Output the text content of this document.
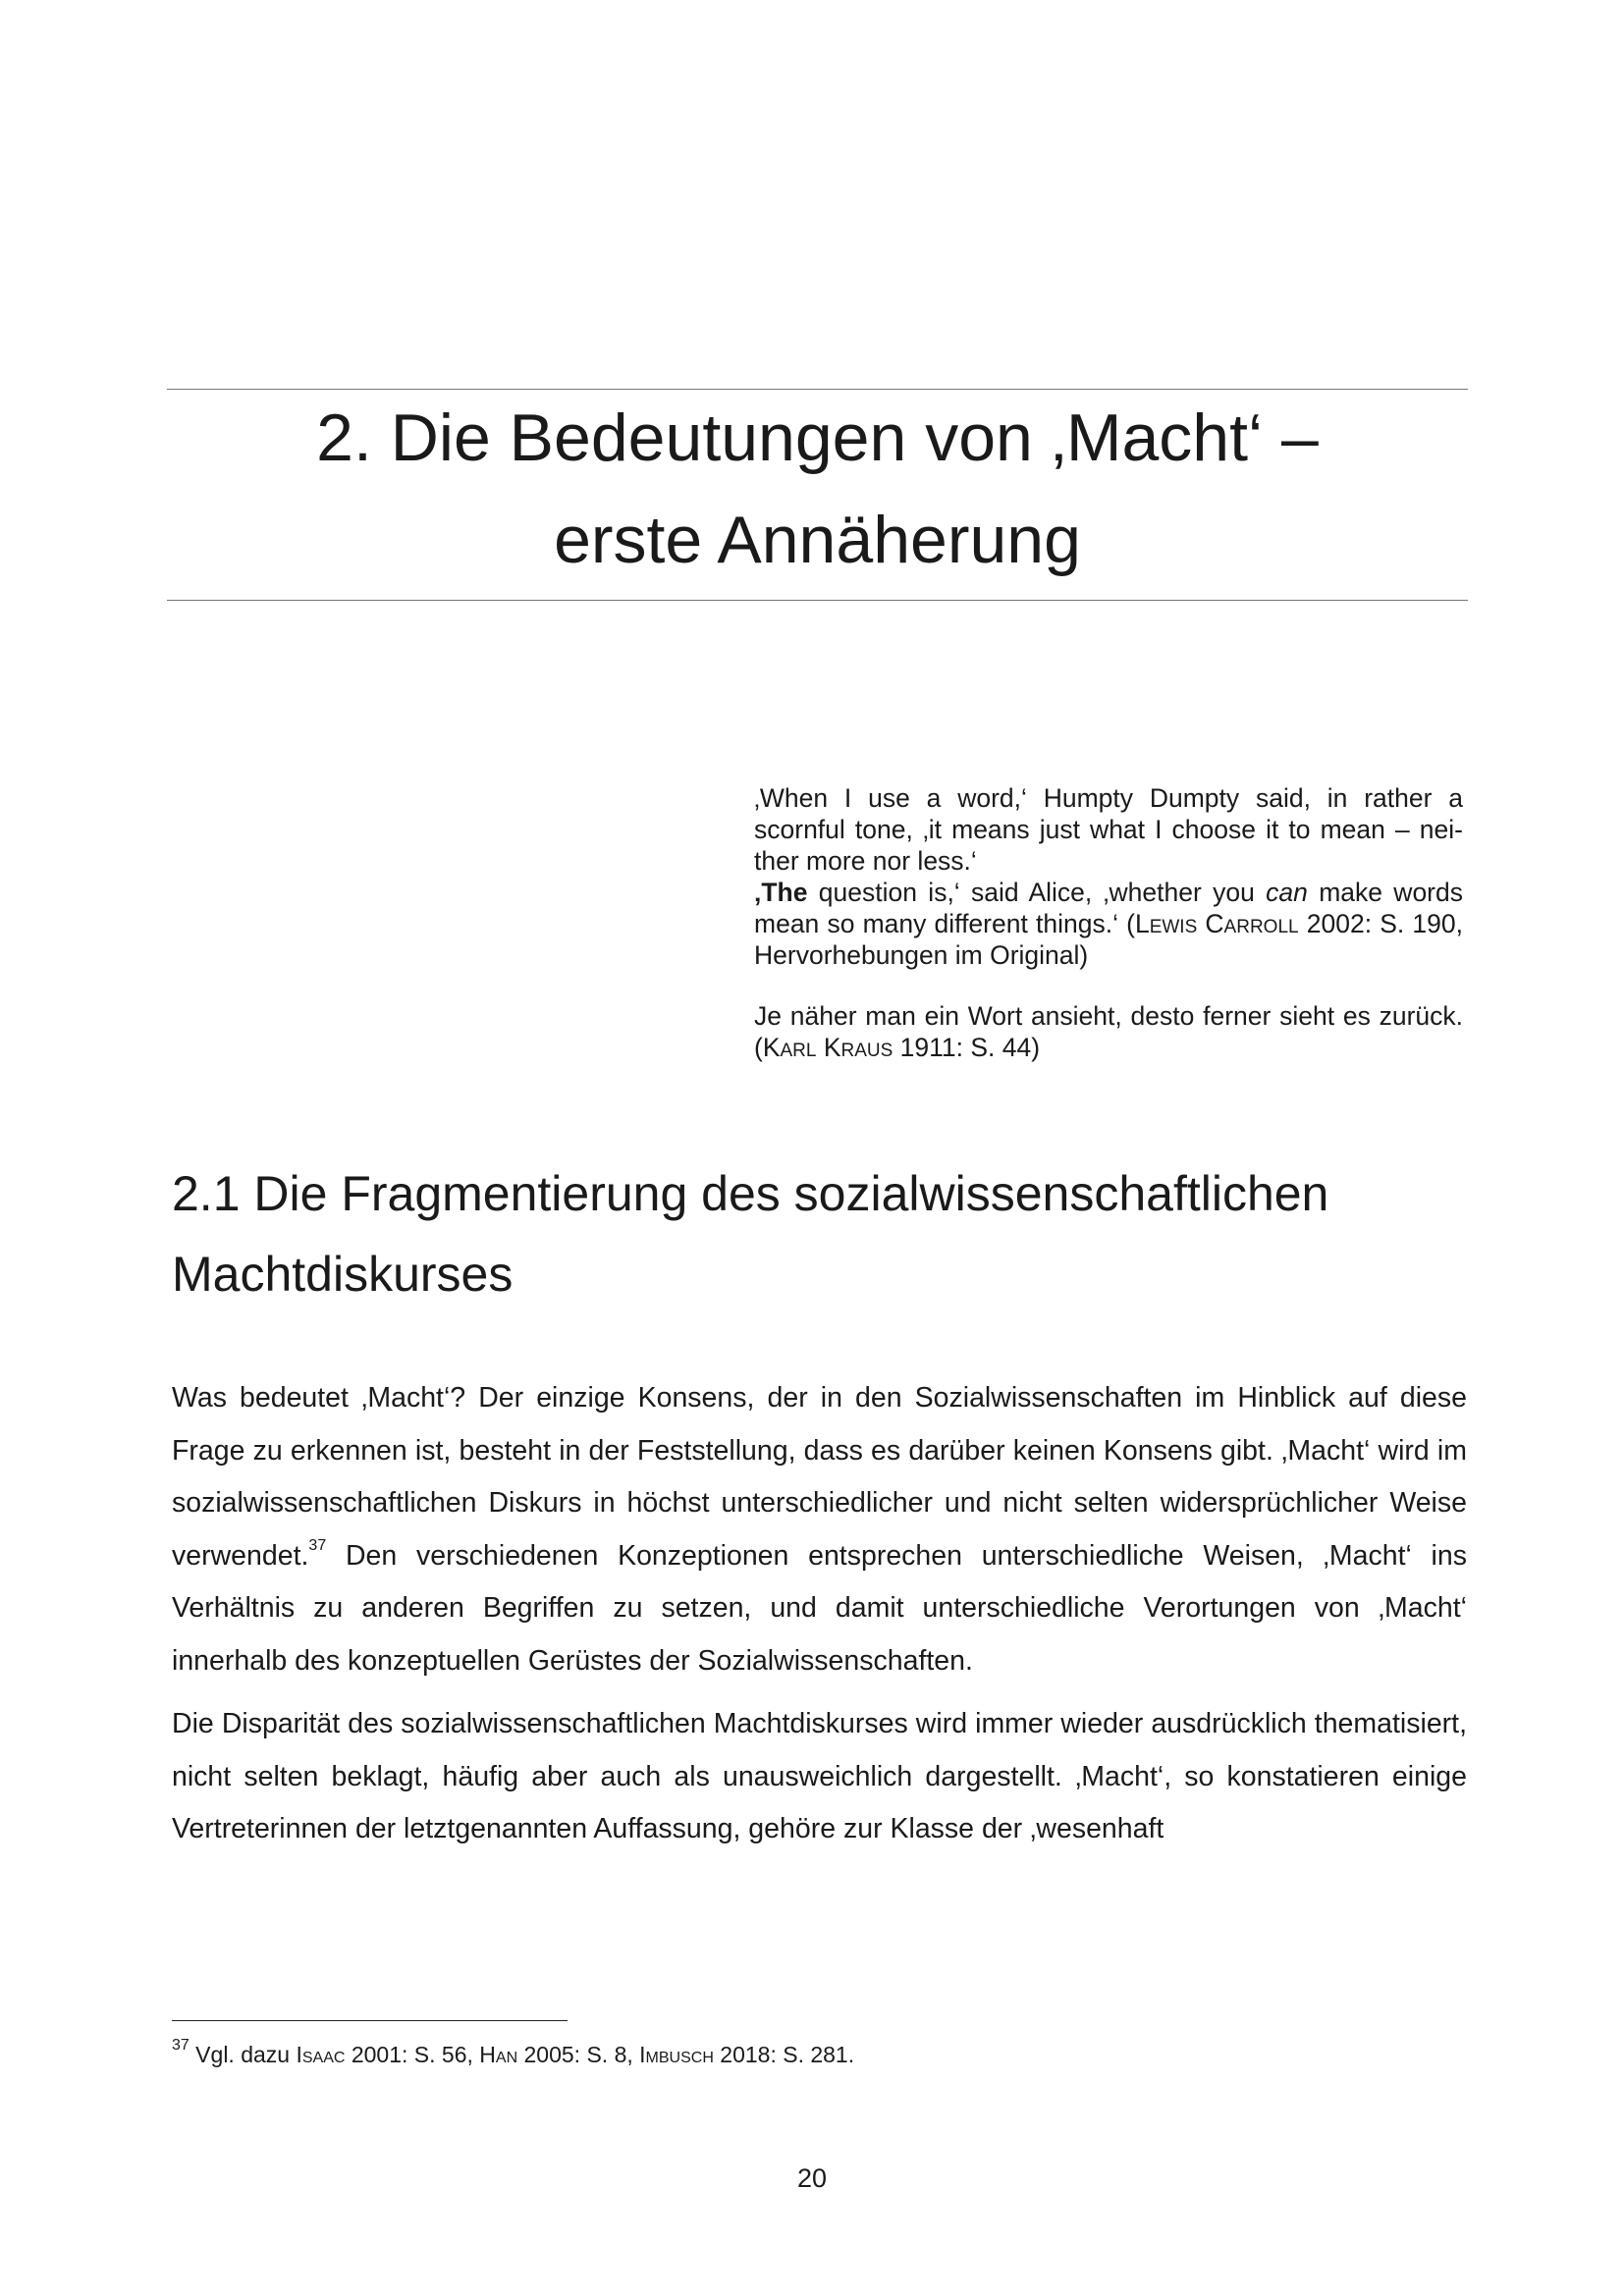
2. Die Bedeutungen von ‚Macht‘ –
erste Annäherung

‚When I use a word,‘ Humpty Dumpty said, in rather a scornful tone, ‚it means just what I choose it to mean – neither more nor less.‘
‚The question is,‘ said Alice, ‚whether you can make words mean so many different things.‘ (Lewis Carroll 2002: S. 190, Hervorhebungen im Original)

Je näher man ein Wort ansieht, desto ferner sieht es zurück. (Karl Kraus 1911: S. 44)

2.1 Die Fragmentierung des sozialwissenschaftlichen Machtdiskurses

Was bedeutet ‚Macht‘? Der einzige Konsens, der in den Sozialwissenschaften im Hinblick auf diese Frage zu erkennen ist, besteht in der Feststellung, dass es darüber keinen Konsens gibt. ‚Macht‘ wird im sozialwissenschaftlichen Diskurs in höchst unterschiedlicher und nicht selten widersprüchlicher Weise verwendet.$^{37}$ Den verschiedenen Konzeptionen entsprechen unterschiedliche Weisen, ‚Macht‘ ins Verhältnis zu anderen Begriffen zu setzen, und damit unterschiedliche Verortungen von ‚Macht‘ innerhalb des konzeptuellen Gerüstes der Sozialwissenschaften.

Die Disparität des sozialwissenschaftlichen Machtdiskurses wird immer wieder ausdrücklich thematisiert, nicht selten beklagt, häufig aber auch als unausweichlich dargestellt. ‚Macht‘, so konstatieren einige Vertreterinnen der letztgenannten Auffassung, gehöre zur Klasse der ‚wesenhaft

$^{37}$ Vgl. dazu Isaac 2001: S. 56, Han 2005: S. 8, Imbusch 2018: S. 281.
20
